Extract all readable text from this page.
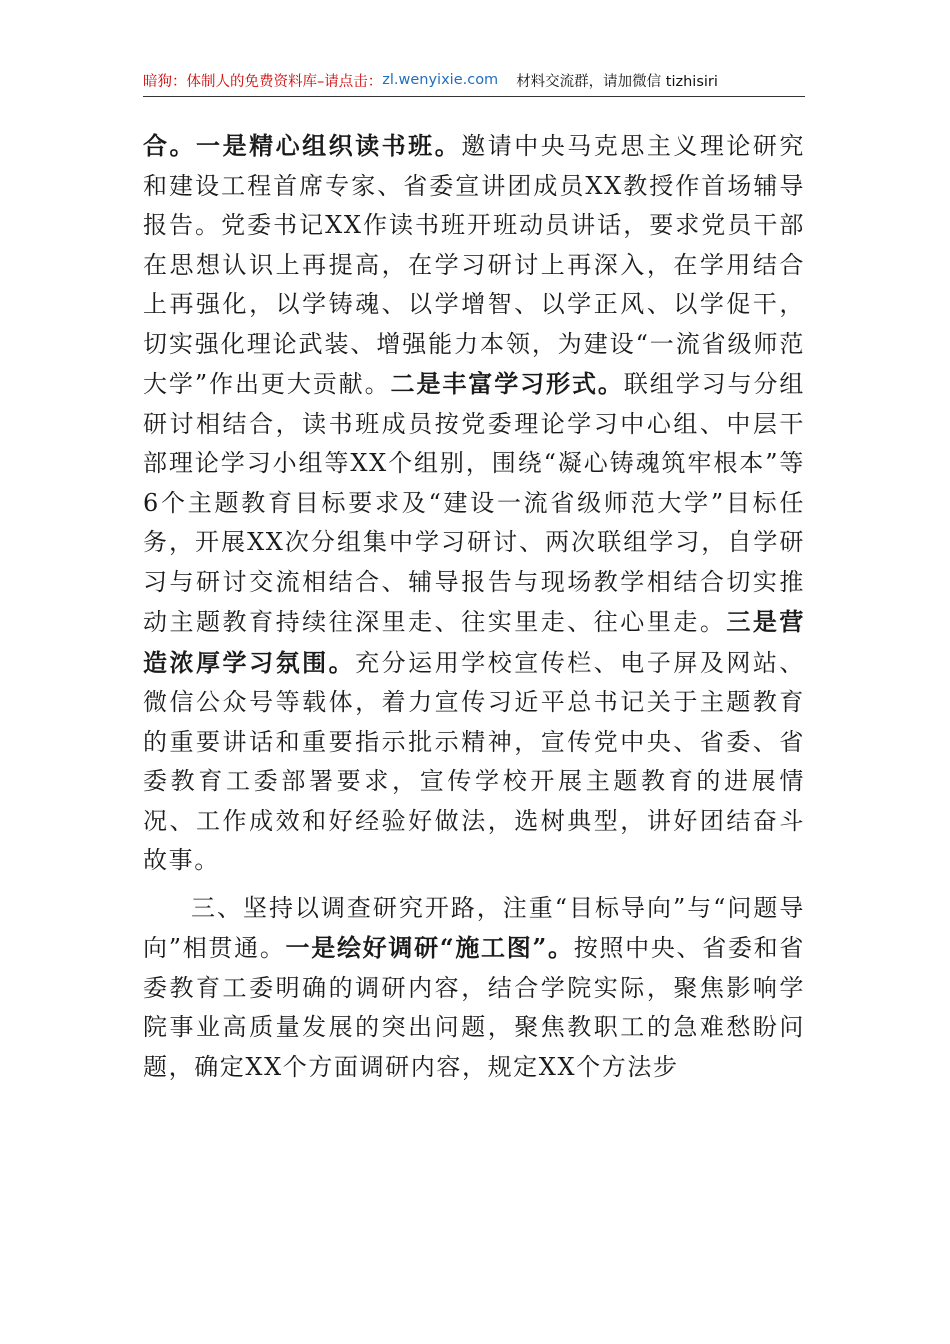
暗狗：体制人的免费资料库 –请点击： zl.wenyixie.com 材料交流群，请加微信 tizhisiri

合。一是精心组织读书班。邀请中央马克思主义理论研究和建设工程首席专家、省委宣讲团成员XX教授作首场辅导报告。党委书记XX作读书班开班动员讲话，要求党员干部在思想认识上再提高，在学习研讨上再深入，在学用结合上再强化，以学铸魂、以学增智、以学正风、以学促干，切实强化理论武装、增强能力本领，为建设“一流省级师范大学”作出更大贡献。二是丰富学习形式。联组学习与分组研讨相结合，读书班成员按党委理论学习中心组、中层干部理论学习小组等XX个组别，围绕“凝心铸魂筑牢根本”等6个主题教育目标要求及“建设一流省级师范大学”目标任务，开展XX次分组集中学习研讨、两次联组学习，自学研习与研讨交流相结合、辅导报告与现场教学相结合切实推动主题教育持续往深里走、往实里走、往心里走。三是营造浓厚学习氛围。充分运用学校宣传栏、电子屏及网站、微信公众号等载体，着力宣传习近平总书记关于主题教育的重要讲话和重要指示批示精神，宣传党中央、省委、省委教育工委部署要求，宣传学校开展主题教育的进展情况、工作成效和好经验好做法，选树典型，讲好团结奋斗故事。

三、坚持以调查研究开路，注重“目标导向”与“问题导向”相贯通。一是绘好调研“施工图”。按照中央、省委和省委教育工委明确的调研内容，结合学院实际，聚焦影响学院事业高质量发展的突出问题，聚焦教职工的急难愁盼问题，确定XX个方面调研内容，规定XX个方法步
